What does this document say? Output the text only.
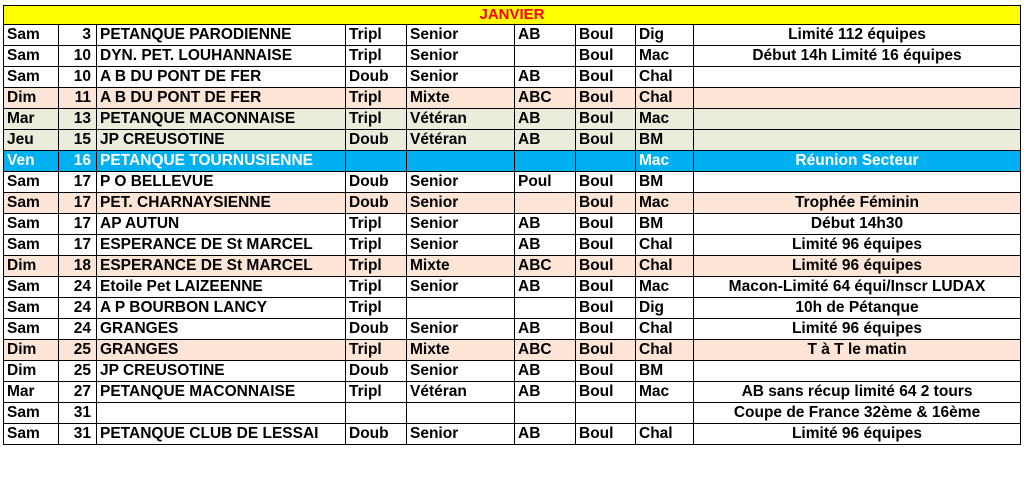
JANVIER								
Sam	3	PETANQUE PARODIENNE	Tripl	Senior	AB	Boul	Dig	Limité 112 équipes
Sam	10	DYN. PET. LOUHANNAISE	Tripl	Senior		Boul	Mac	Début 14h Limité 16 équipes
Sam	10	A B DU PONT DE FER	Doub	Senior	AB	Boul	Chal	
Dim	11	A B DU PONT DE FER	Tripl	Mixte	ABC	Boul	Chal	
Mar	13	PETANQUE MACONNAISE	Tripl	Vétéran	AB	Boul	Mac	
Jeu	15	JP CREUSOTINE	Doub	Vétéran	AB	Boul	BM	
Ven	16	PETANQUE TOURNUSIENNE					Mac	Réunion Secteur
Sam	17	P O BELLEVUE	Doub	Senior	Poul	Boul	BM	
Sam	17	PET. CHARNAYSIENNE	Doub	Senior		Boul	Mac	Trophée Féminin
Sam	17	AP AUTUN	Tripl	Senior	AB	Boul	BM	Début 14h30
Sam	17	ESPERANCE DE St MARCEL	Tripl	Senior	AB	Boul	Chal	Limité 96 équipes
Dim	18	ESPERANCE DE St MARCEL	Tripl	Mixte	ABC	Boul	Chal	Limité 96 équipes
Sam	24	Etoile Pet LAIZEENNE	Tripl	Senior	AB	Boul	Mac	Macon-Limité 64 équi/Inscr LUDAX
Sam	24	A P BOURBON LANCY	Tripl			Boul	Dig	10h de Pétanque
Sam	24	GRANGES	Doub	Senior	AB	Boul	Chal	Limité 96 équipes
Dim	25	GRANGES	Tripl	Mixte	ABC	Boul	Chal	T à T le matin
Dim	25	JP CREUSOTINE	Doub	Senior	AB	Boul	BM	
Mar	27	PETANQUE MACONNAISE	Tripl	Vétéran	AB	Boul	Mac	AB sans récup limité 64 2 tours
Sam	31							Coupe de France 32ème & 16ème
Sam	31	PETANQUE CLUB DE LESSAI	Doub	Senior	AB	Boul	Chal	Limité 96 équipes
